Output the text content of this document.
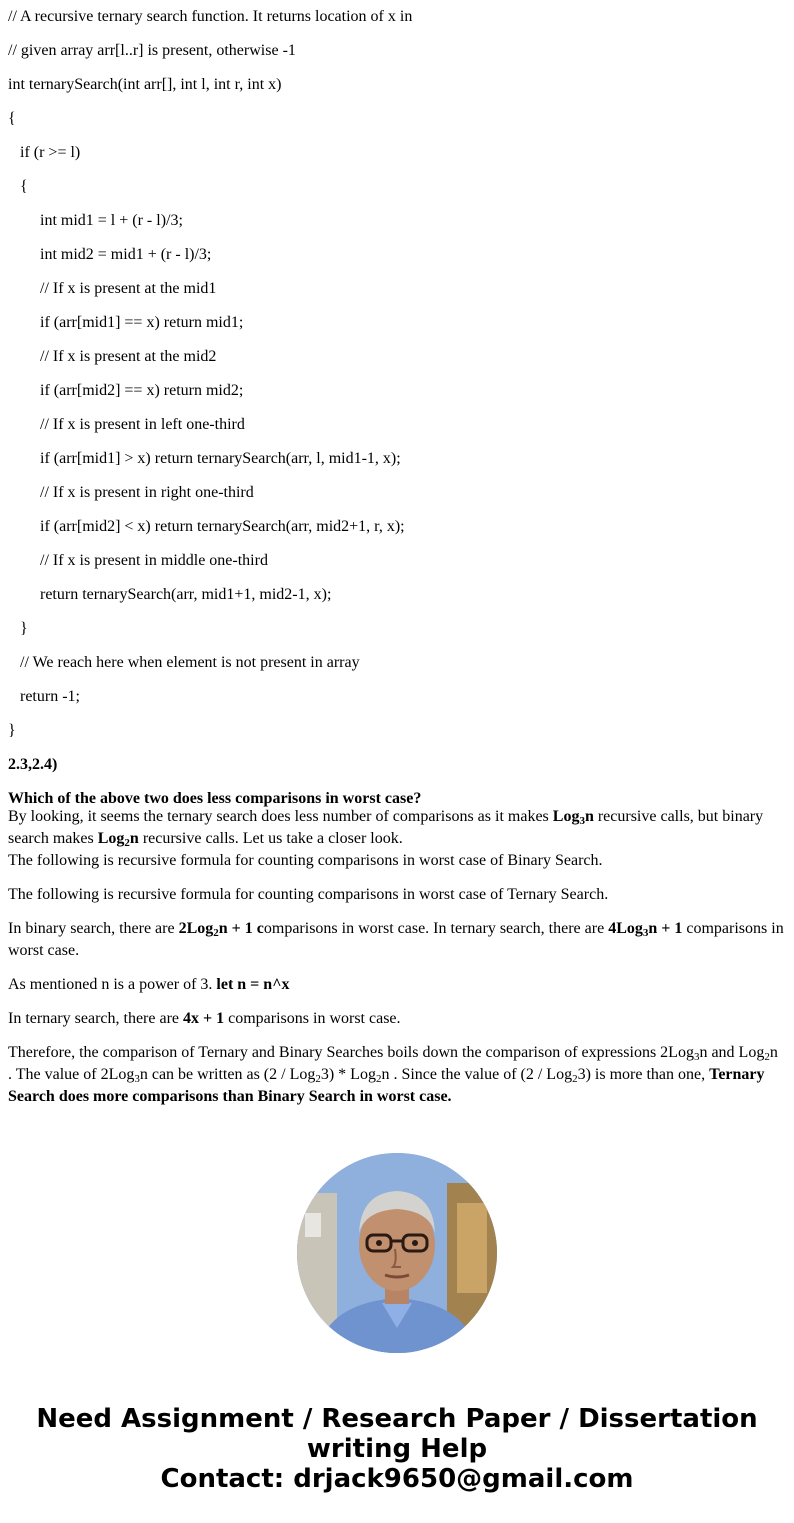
// A recursive ternary search function. It returns location of x in

// given array arr[l..r] is present, otherwise -1

int ternarySearch(int arr[], int l, int r, int x)

{

if (r >= l)

{

int mid1 = l + (r - l)/3;

int mid2 = mid1 + (r - l)/3;

// If x is present at the mid1

if (arr[mid1] == x) return mid1;

// If x is present at the mid2

if (arr[mid2] == x) return mid2;

// If x is present in left one-third

if (arr[mid1] > x) return ternarySearch(arr, l, mid1-1, x);

// If x is present in right one-third

if (arr[mid2] < x) return ternarySearch(arr, mid2+1, r, x);

// If x is present in middle one-third

return ternarySearch(arr, mid1+1, mid2-1, x);

}

// We reach here when element is not present in array

return -1;

}

2.3,2.4)

Which of the above two does less comparisons in worst case?

By looking, it seems the ternary search does less number of comparisons as it makes Log$_3$n recursive calls, but binary search makes Log$_2$n recursive calls. Let us take a closer look.
The following is recursive formula for counting comparisons in worst case of Binary Search.

The following is recursive formula for counting comparisons in worst case of Ternary Search.

In binary search, there are 2Log$_2$n + 1 comparisons in worst case. In ternary search, there are 4Log$_3$n + 1 comparisons in worst case.

As mentioned n is a power of 3. let n = n^x

In ternary search, there are 4x + 1 comparisons in worst case.

Therefore, the comparison of Ternary and Binary Searches boils down the comparison of expressions 2Log$_3$n and Log$_2$n . The value of 2Log$_3$n can be written as (2 / Log$_2$3) * Log$_2$n . Since the value of (2 / Log$_2$3) is more than one, Ternary Search does more comparisons than Binary Search in worst case.

Need Assignment / Research Paper / Dissertation
writing Help
Contact: drjack9650@gmail.com
